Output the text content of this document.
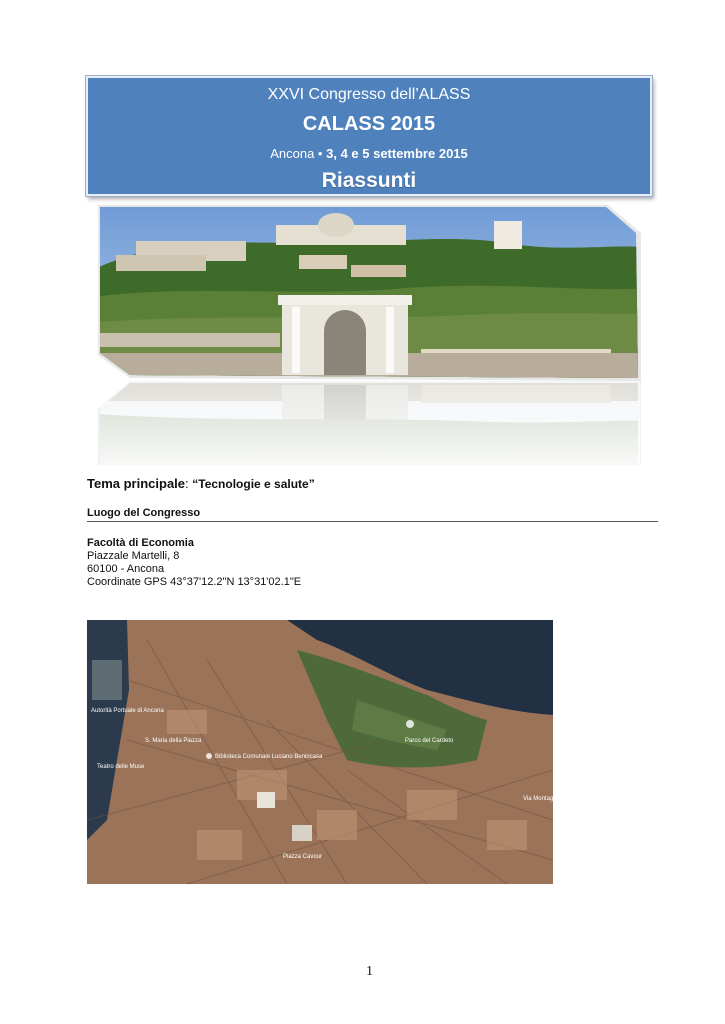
XXVI Congresso dell’ALASS
CALASS 2015
Ancona • 3, 4 e 5 settembre 2015
Riassunti
Tema principale: “Tecnologie e salute”
Luogo del Congresso
Facoltà di Economia
Piazzale Martelli, 8
60100 - Ancona
Coordinate GPS 43°37'12.2"N 13°31'02.1"E
Autorità Portuale di Ancona
S. Maria della Piazza
Biblioteca Comunale Luciano Benincasa
Teatro delle Muse
Parco del Cardeto
Via Montagnola
Piazza Cavour
1
